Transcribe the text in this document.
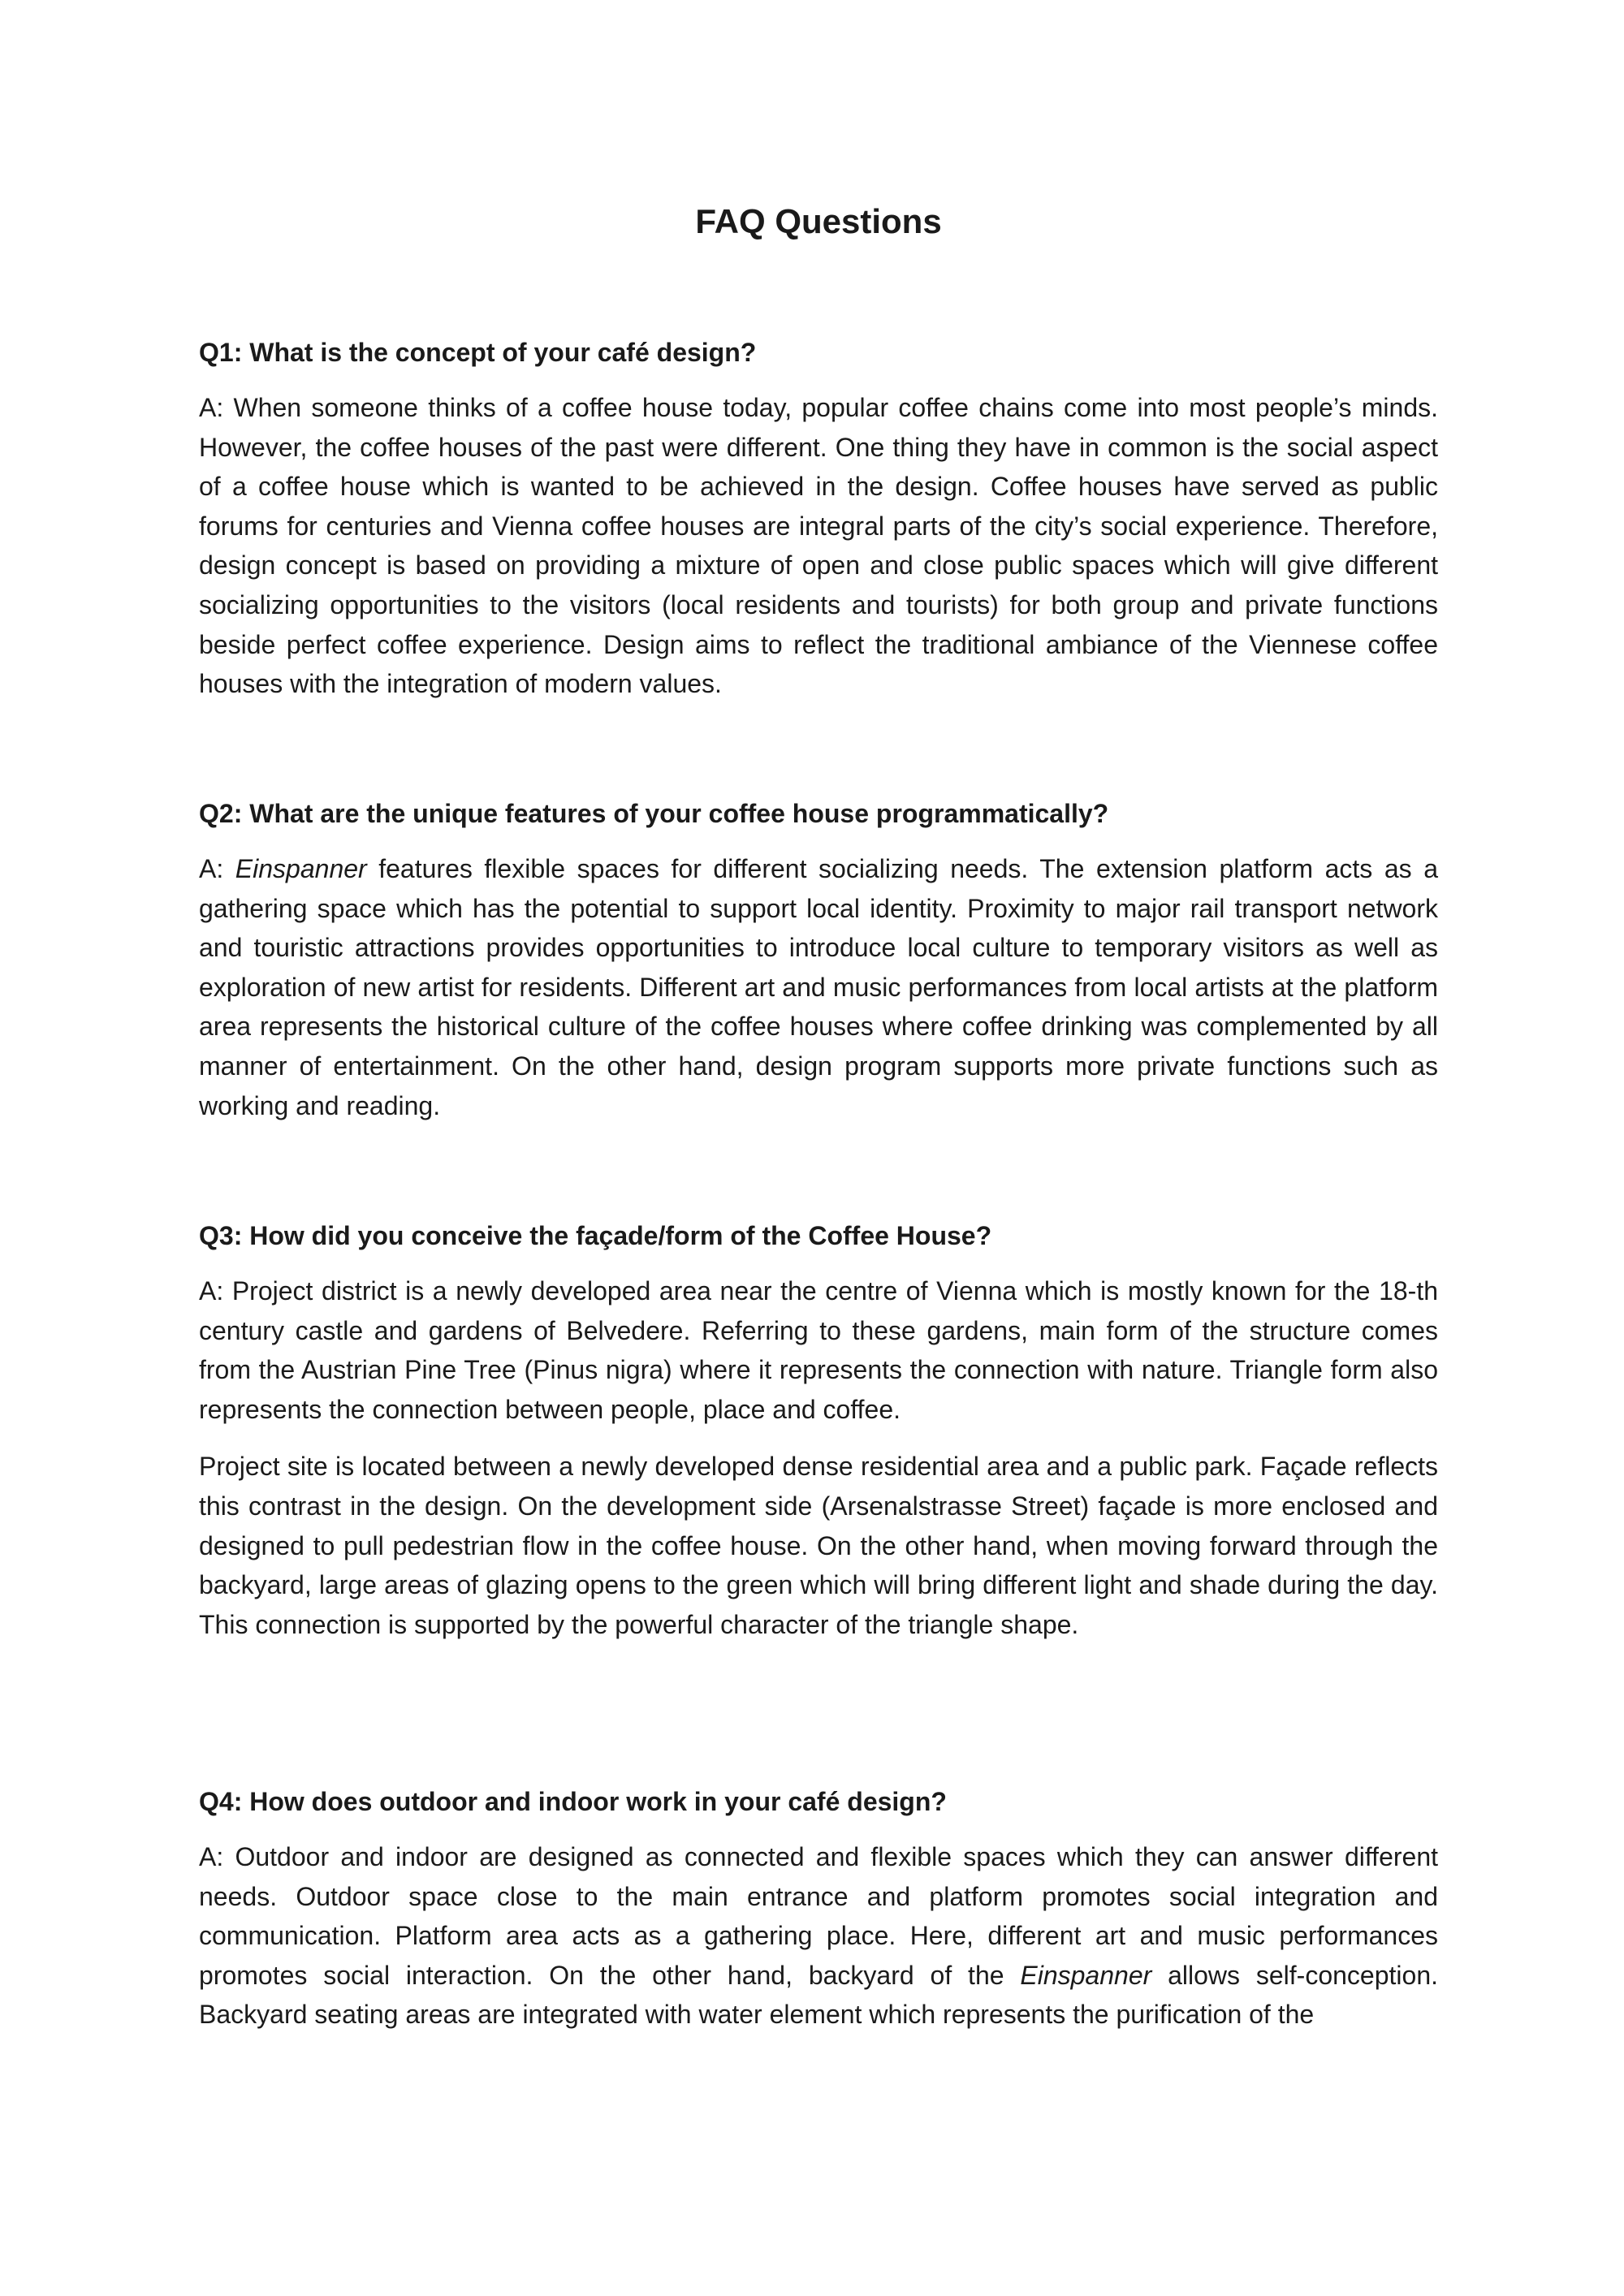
FAQ Questions

Q1: What is the concept of your café design?

A: When someone thinks of a coffee house today, popular coffee chains come into most people’s minds. However, the coffee houses of the past were different. One thing they have in common is the social aspect of a coffee house which is wanted to be achieved in the design. Coffee houses have served as public forums for centuries and Vienna coffee houses are integral parts of the city’s social experience. Therefore, design concept is based on providing a mixture of open and close public spaces which will give different socializing opportunities to the visitors (local residents and tourists) for both group and private functions beside perfect coffee experience. Design aims to reflect the traditional ambiance of the Viennese coffee houses with the integration of modern values.

Q2: What are the unique features of your coffee house programmatically?

A: Einspanner features flexible spaces for different socializing needs. The extension platform acts as a gathering space which has the potential to support local identity. Proximity to major rail transport network and touristic attractions provides opportunities to introduce local culture to temporary visitors as well as exploration of new artist for residents. Different art and music performances from local artists at the platform area represents the historical culture of the coffee houses where coffee drinking was complemented by all manner of entertainment. On the other hand, design program supports more private functions such as working and reading.

Q3: How did you conceive the façade/form of the Coffee House?

A: Project district is a newly developed area near the centre of Vienna which is mostly known for the 18-th century castle and gardens of Belvedere. Referring to these gardens, main form of the structure comes from the Austrian Pine Tree (Pinus nigra) where it represents the connection with nature. Triangle form also represents the connection between people, place and coffee.

Project site is located between a newly developed dense residential area and a public park. Façade reflects this contrast in the design. On the development side (Arsenalstrasse Street) façade is more enclosed and designed to pull pedestrian flow in the coffee house. On the other hand, when moving forward through the backyard, large areas of glazing opens to the green which will bring different light and shade during the day. This connection is supported by the powerful character of the triangle shape.

Q4: How does outdoor and indoor work in your café design?

A: Outdoor and indoor are designed as connected and flexible spaces which they can answer different needs. Outdoor space close to the main entrance and platform promotes social integration and communication. Platform area acts as a gathering place. Here, different art and music performances promotes social interaction. On the other hand, backyard of the Einspanner allows self-conception. Backyard seating areas are integrated with water element which represents the purification of the
